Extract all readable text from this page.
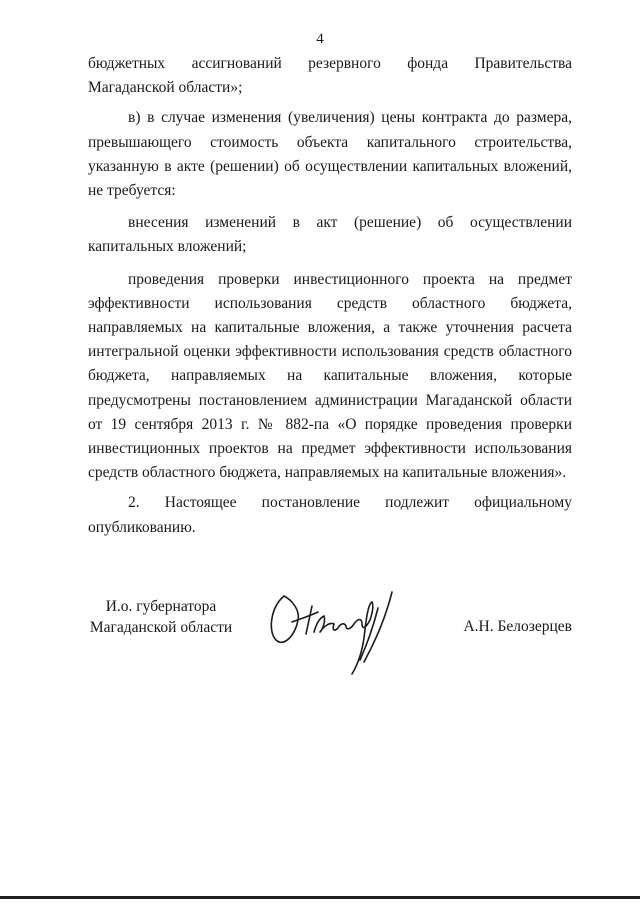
4

бюджетных ассигнований резервного фонда Правительства Магаданской области»;

в) в случае изменения (увеличения) цены контракта до размера, превышающего стоимость объекта капитального строительства, указанную в акте (решении) об осуществлении капитальных вложений, не требуется:

внесения изменений в акт (решение) об осуществлении капитальных вложений;

проведения проверки инвестиционного проекта на предмет эффективности использования средств областного бюджета, направляемых на капитальные вложения, а также уточнения расчета интегральной оценки эффективности использования средств областного бюджета, направляемых на капитальные вложения, которые предусмотрены постановлением администрации Магаданской области от 19 сентября 2013 г. № 882-па «О порядке проведения проверки инвестиционных проектов на предмет эффективности использования средств областного бюджета, направляемых на капитальные вложения».

2. Настоящее постановление подлежит официальному опубликованию.

И.о. губернатора
Магаданской области	А.Н. Белозерцев
